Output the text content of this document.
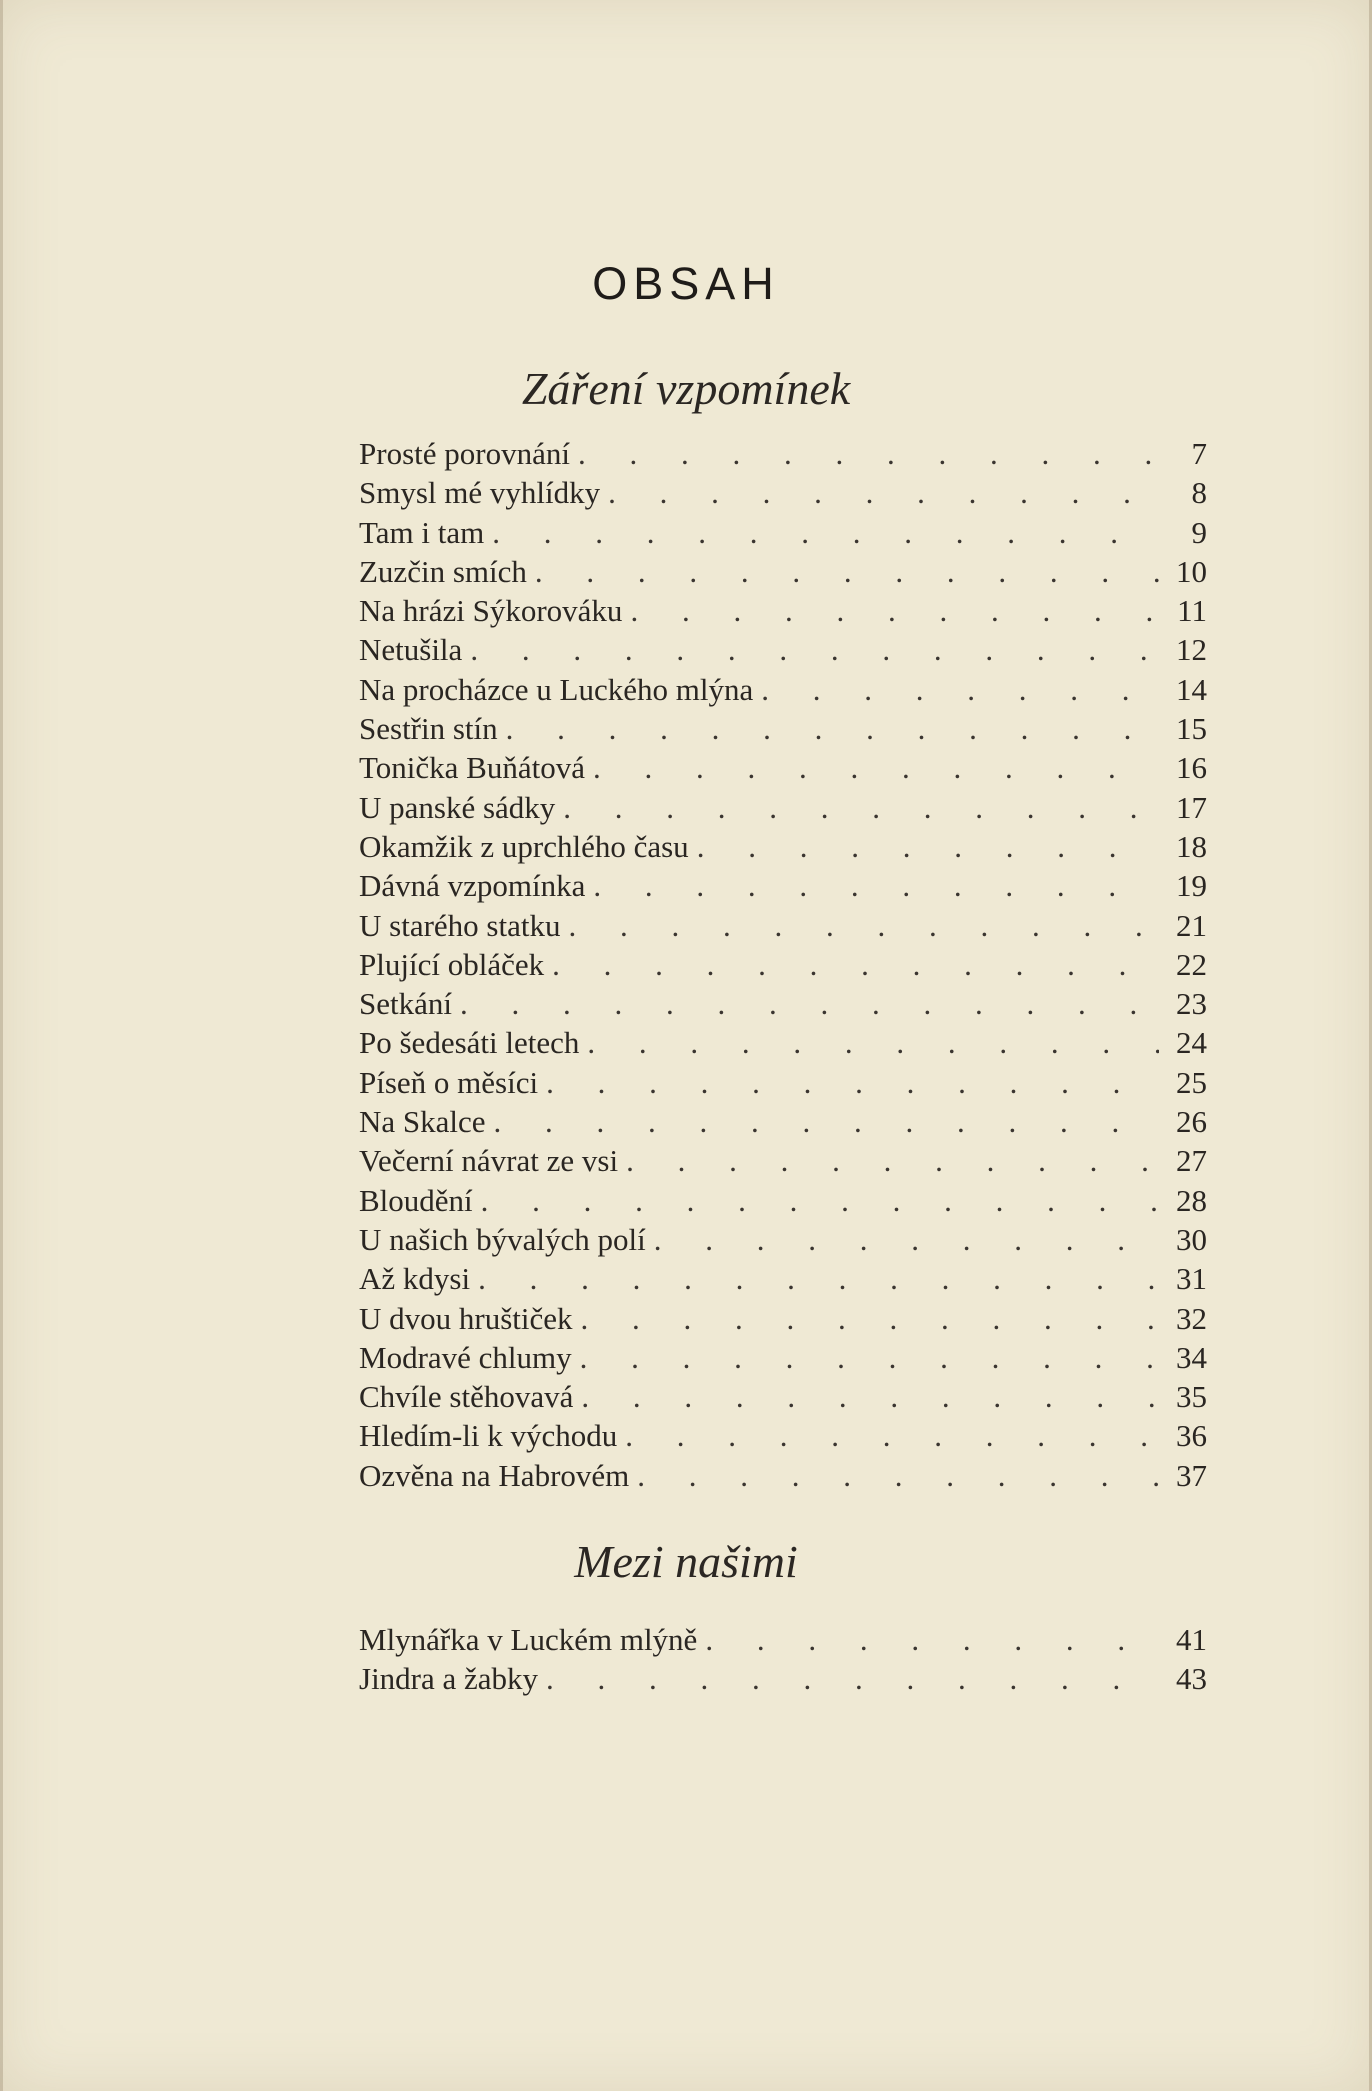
OBSAH
Záření vzpomínek
Prosté porovnání . . .	7
Smysl mé vyhlídky . . .	8
Tam i tam . . .	9
Zuzčin smích . . .	10
Na hrázi Sýkorováku . . .	11
Netušila . . .	12
Na procházce u Luckého mlýna . . .	14
Sestřin stín . . .	15
Tonička Buňátová . . .	16
U panské sádky . . .	17
Okamžik z uprchlého času . . .	18
Dávná vzpomínka . . .	19
U starého statku . . .	21
Plující obláček . . .	22
Setkání . . .	23
Po šedesáti letech . . .	24
Píseň o měsíci . . .	25
Na Skalce . . .	26
Večerní návrat ze vsi . . .	27
Bloudění . . .	28
U našich bývalých polí . . .	30
Až kdysi . . .	31
U dvou hruštiček . . .	32
Modravé chlumy . . .	34
Chvíle stěhovavá . . .	35
Hledím-li k východu . . .	36
Ozvěna na Habrovém . . .	37
Mezi našimi
Mlynářka v Luckém mlýně . . .	41
Jindra a žabky . . .	43
